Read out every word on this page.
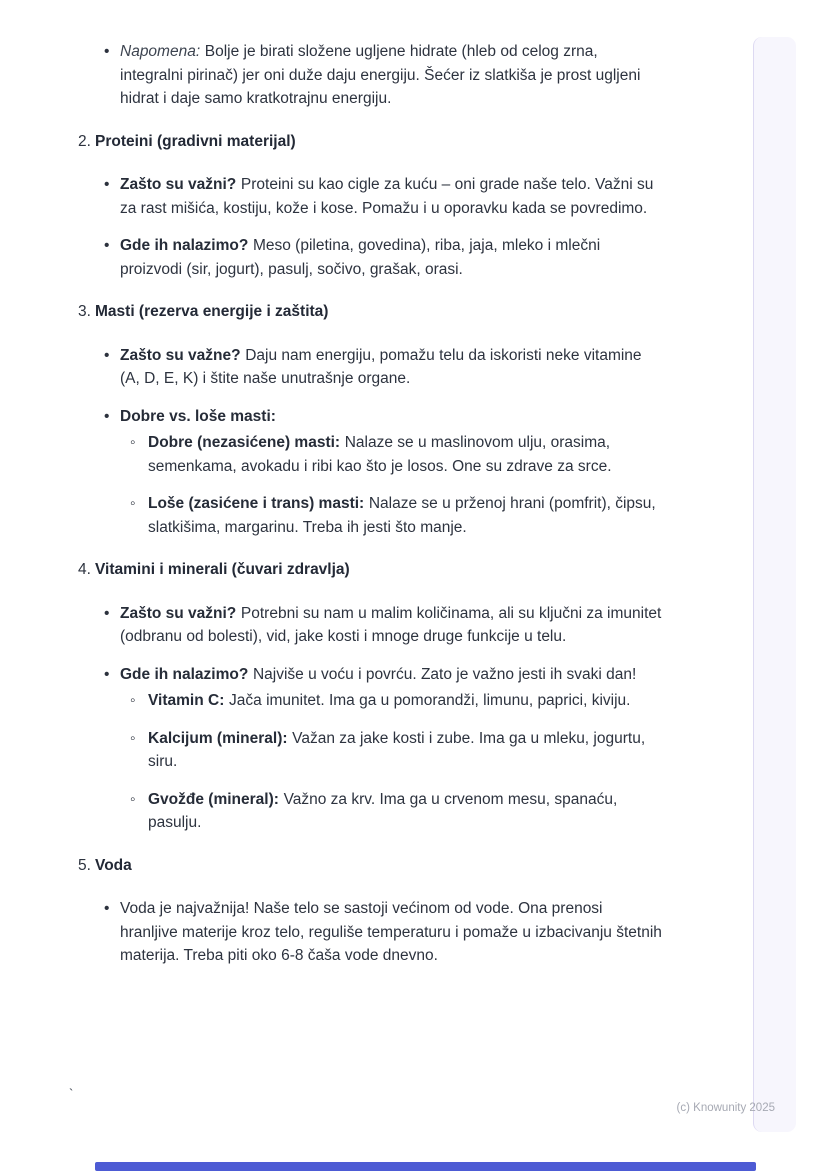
• Napomena: Bolje je birati složene ugljene hidrate (hleb od celog zrna, integralni pirinač) jer oni duže daju energiju. Šećer iz slatkiša je prost ugljeni hidrat i daje samo kratkotrajnu energiju.
2. Proteini (gradivni materijal)
• Zašto su važni? Proteini su kao cigle za kuću – oni grade naše telo. Važni su za rast mišića, kostiju, kože i kose. Pomažu i u oporavku kada se povredimo.
• Gde ih nalazimo? Meso (piletina, govedina), riba, jaja, mleko i mlečni proizvodi (sir, jogurt), pasulj, sočivo, grašak, orasi.
3. Masti (rezerva energije i zaštita)
• Zašto su važne? Daju nam energiju, pomažu telu da iskoristi neke vitamine (A, D, E, K) i štite naše unutrašnje organe.
• Dobre vs. loše masti:
◦ Dobre (nezasićene) masti: Nalaze se u maslinovom ulju, orasima, semenkama, avokadu i ribi kao što je losos. One su zdrave za srce.
◦ Loše (zasićene i trans) masti: Nalaze se u prženoj hrani (pomfrit), čipsu, slatkišima, margarinu. Treba ih jesti što manje.
4. Vitamini i minerali (čuvari zdravlja)
• Zašto su važni? Potrebni su nam u malim količinama, ali su ključni za imunitet (odbranu od bolesti), vid, jake kosti i mnoge druge funkcije u telu.
• Gde ih nalazimo? Najviše u voću i povrću. Zato je važno jesti ih svaki dan!
◦ Vitamin C: Jača imunitet. Ima ga u pomorandži, limunu, paprici, kiviju.
◦ Kalcijum (mineral): Važan za jake kosti i zube. Ima ga u mleku, jogurtu, siru.
◦ Gvožđe (mineral): Važno za krv. Ima ga u crvenom mesu, spanaću, pasulju.
5. Voda
• Voda je najvažnija! Naše telo se sastoji većinom od vode. Ona prenosi hranljive materije kroz telo, reguliše temperaturu i pomaže u izbacivanju štetnih materija. Treba piti oko 6-8 čaša vode dnevno.
`
(c) Knowunity 2025
